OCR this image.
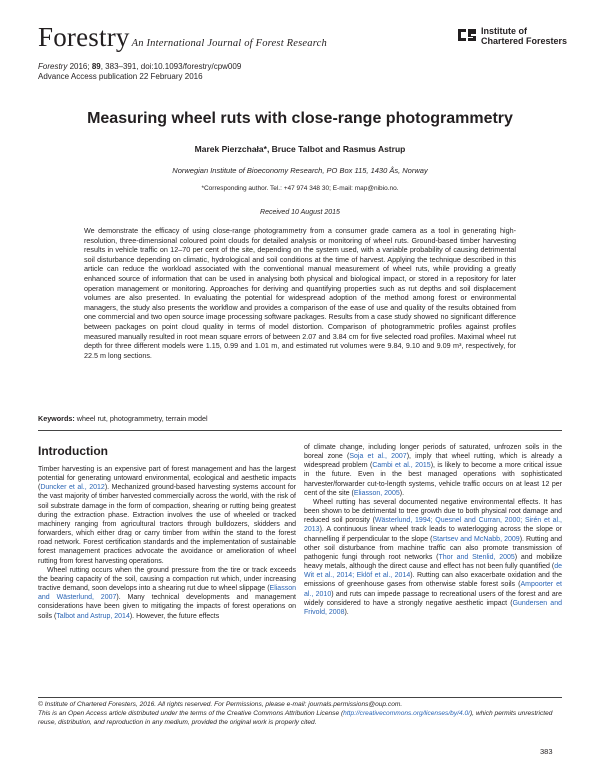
Forestry An International Journal of Forest Research
Institute of
Chartered Foresters
Forestry 2016; 89, 383–391, doi:10.1093/forestry/cpw009
Advance Access publication 22 February 2016
Measuring wheel ruts with close-range photogrammetry
Marek Pierzchała*, Bruce Talbot and Rasmus Astrup
Norwegian Institute of Bioeconomy Research, PO Box 115, 1430 Ås, Norway
*Corresponding author. Tel.: +47 974 348 30; E-mail: map@nibio.no.
Received 10 August 2015
We demonstrate the efficacy of using close-range photogrammetry from a consumer grade camera as a tool in generating high-resolution, three-dimensional coloured point clouds for detailed analysis or monitoring of wheel ruts. Ground-based timber harvesting results in vehicle traffic on 12–70 per cent of the site, depending on the system used, with a variable probability of causing detrimental soil disturbance depending on climatic, hydrological and soil conditions at the time of harvest. Applying the technique described in this article can reduce the workload associated with the conventional manual measurement of wheel ruts, while providing a greatly enhanced source of information that can be used in analysing both physical and biological impact, or stored in a repository for later operation management or monitoring. Approaches for deriving and quantifying properties such as rut depths and soil displacement volumes are also presented. In evaluating the potential for widespread adoption of the method among forest or environmental managers, the study also presents the workflow and provides a comparison of the ease of use and quality of the results obtained from one commercial and two open source image processing software packages. Results from a case study showed no significant difference between packages on point cloud quality in terms of model distortion. Comparison of photogrammetric profiles against profiles measured manually resulted in root mean square errors of between 2.07 and 3.84 cm for five selected road profiles. Maximal wheel rut depth for three different models were 1.15, 0.99 and 1.01 m, and estimated rut volumes were 9.84, 9.10 and 9.09 m³, respectively, for 22.5 m long sections.
Keywords: wheel rut, photogrammetry, terrain model
Introduction

Timber harvesting is an expensive part of forest management and has the largest potential for generating untoward environmental, ecological and aesthetic impacts (Duncker et al., 2012). Mechanized ground-based harvesting systems account for the vast majority of timber harvested commercially across the world, with the risk of soil substrate damage in the form of compaction, shearing or rutting being greatest during the extraction phase. Extraction involves the use of wheeled or tracked machinery ranging from agricultural tractors through bulldozers, skidders and forwarders, which either drag or carry timber from within the stand to the forest road network. Forest certification standards and the implementation of sustainable forest management practices advocate the avoidance or amelioration of wheel rutting from forest harvesting operations.

Wheel rutting occurs when the ground pressure from the tire or track exceeds the bearing capacity of the soil, causing a compaction rut which, under increasing tractive demand, soon develops into a shearing rut due to wheel slippage (Eliasson and Wästerlund, 2007). Many technical developments and management considerations have been given to mitigating the impacts of forest operations on soils (Talbot and Astrup, 2014). However, the future effects

of climate change, including longer periods of saturated, unfrozen soils in the boreal zone (Soja et al., 2007), imply that wheel rutting, which is already a widespread problem (Cambi et al., 2015), is likely to become a more critical issue in the future. Even in the best managed operations with sophisticated harvester/forwarder cut-to-length systems, vehicle traffic occurs on at least 12 per cent of the site (Eliasson, 2005).

Wheel rutting has several documented negative environmental effects. It has been shown to be detrimental to tree growth due to both physical root damage and reduced soil porosity (Wästerlund, 1994; Quesnel and Curran, 2000; Sirén et al., 2013). A continuous linear wheel track leads to waterlogging across the slope or channelling if perpendicular to the slope (Startsev and McNabb, 2009). Rutting and other soil disturbance from machine traffic can also promote transmission of pathogenic fungi through root networks (Thor and Stenlid, 2005) and mobilize heavy metals, although the direct cause and effect has not been fully quantified (de Wit et al., 2014; Eklöf et al., 2014). Rutting can also exacerbate oxidation and the emissions of greenhouse gases from otherwise stable forest soils (Ampoorter et al., 2010) and ruts can impede passage to recreational users of the forest and are widely considered to have a strongly negative aesthetic impact (Gundersen and Frivold, 2008).

© Institute of Chartered Foresters, 2016. All rights reserved. For Permissions, please e-mail: journals.permissions@oup.com.
This is an Open Access article distributed under the terms of the Creative Commons Attribution License (http://creativecommons.org/licenses/by/4.0/), which permits unrestricted reuse, distribution, and reproduction in any medium, provided the original work is properly cited.
383
